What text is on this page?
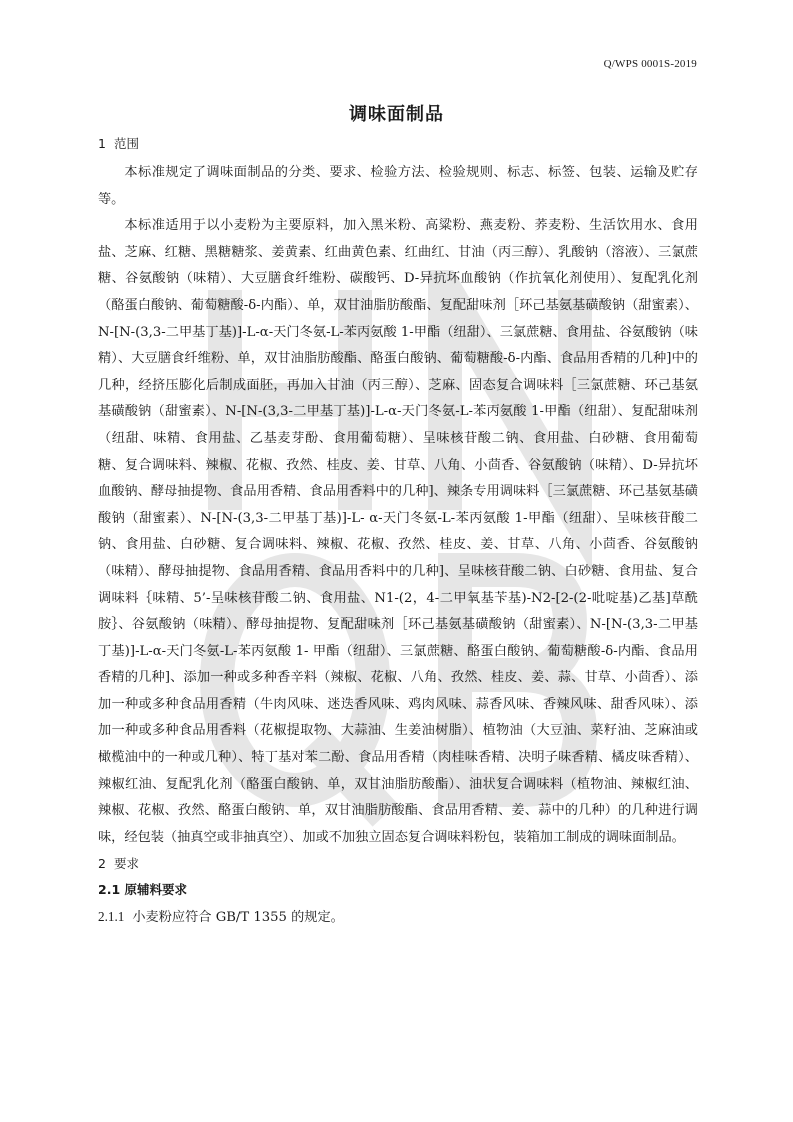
Q/WPS 0001S-2019
调味面制品
1 范围

本标准规定了调味面制品的分类、要求、检验方法、检验规则、标志、标签、包装、运输及贮存等。

本标准适用于以小麦粉为主要原料，加入黑米粉、高粱粉、燕麦粉、荞麦粉、生活饮用水、食用盐、芝麻、红糖、黑糖糖浆、姜黄素、红曲黄色素、红曲红、甘油（丙三醇）、乳酸钠（溶液）、三氯蔗糖、谷氨酸钠（味精）、大豆膳食纤维粉、碳酸钙、D-异抗坏血酸钠（作抗氧化剂使用）、复配乳化剂（酪蛋白酸钠、葡萄糖酸-δ-内酯）、单，双甘油脂肪酸酯、复配甜味剂［环己基氨基磺酸钠（甜蜜素）、N-[N-(3,3-二甲基丁基)]-L-α-天门冬氨-L-苯丙氨酸 1-甲酯（纽甜）、三氯蔗糖、食用盐、谷氨酸钠（味精）、大豆膳食纤维粉、单，双甘油脂肪酸酯、酪蛋白酸钠、葡萄糖酸-δ-内酯、食品用香精的几种]中的几种，经挤压膨化后制成面胚，再加入甘油（丙三醇）、芝麻、固态复合调味料［三氯蔗糖、环己基氨基磺酸钠（甜蜜素）、N-[N-(3,3-二甲基丁基)]-L-α-天门冬氨-L-苯丙氨酸 1-甲酯（纽甜）、复配甜味剂（纽甜、味精、食用盐、乙基麦芽酚、食用葡萄糖）、呈味核苷酸二钠、食用盐、白砂糖、食用葡萄糖、复合调味料、辣椒、花椒、孜然、桂皮、姜、甘草、八角、小茴香、谷氨酸钠（味精）、D-异抗坏血酸钠、酵母抽提物、食品用香精、食品用香料中的几种]、辣条专用调味料［三氯蔗糖、环己基氨基磺酸钠（甜蜜素）、N-[N-(3,3-二甲基丁基)]-L- α-天门冬氨-L-苯丙氨酸 1-甲酯（纽甜）、呈味核苷酸二钠、食用盐、白砂糖、复合调味料、辣椒、花椒、孜然、桂皮、姜、甘草、八角、小茴香、谷氨酸钠（味精）、酵母抽提物、食品用香精、食品用香料中的几种]、呈味核苷酸二钠、白砂糖、食用盐、复合调味料｛味精、5’-呈味核苷酸二钠、食用盐、N1-(2，4-二甲氧基苄基)-N2-[2-(2-吡啶基)乙基]草酰胺｝、谷氨酸钠（味精）、酵母抽提物、复配甜味剂［环己基氨基磺酸钠（甜蜜素）、N-[N-(3,3-二甲基丁基)]-L-α-天门冬氨-L-苯丙氨酸 1- 甲酯（纽甜）、三氯蔗糖、酪蛋白酸钠、葡萄糖酸-δ-内酯、食品用香精的几种]、添加一种或多种香辛料（辣椒、花椒、八角、孜然、桂皮、姜、蒜、甘草、小茴香）、添加一种或多种食品用香精（牛肉风味、迷迭香风味、鸡肉风味、蒜香风味、香辣风味、甜香风味）、添加一种或多种食品用香料（花椒提取物、大蒜油、生姜油树脂）、植物油（大豆油、菜籽油、芝麻油或橄榄油中的一种或几种）、特丁基对苯二酚、食品用香精（肉桂味香精、决明子味香精、橘皮味香精）、辣椒红油、复配乳化剂（酪蛋白酸钠、单，双甘油脂肪酸酯）、油状复合调味料（植物油、辣椒红油、辣椒、花椒、孜然、酪蛋白酸钠、单，双甘油脂肪酸酯、食品用香精、姜、蒜中的几种）的几种进行调味，经包装（抽真空或非抽真空）、加或不加独立固态复合调味料粉包，装箱加工制成的调味面制品。

2 要求
2.1 原辅料要求

2.1.1 小麦粉应符合 GB/T 1355 的规定。
